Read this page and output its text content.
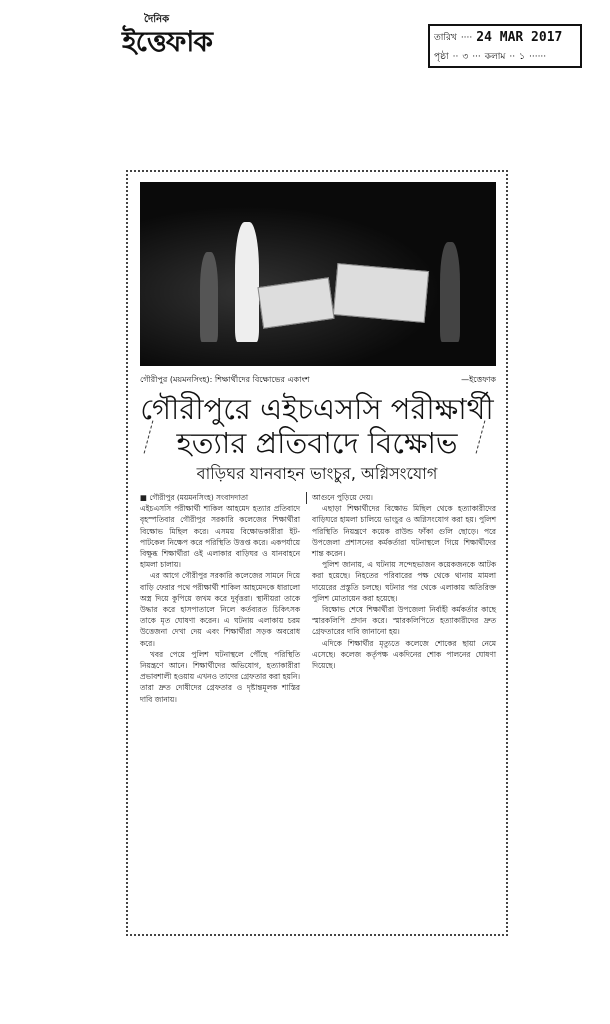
দৈনিক
ইত্তেফাক	তারিখ ···· 24 MAR 2017
পৃষ্ঠা ·· ৩ ··· কলাম ·· ১ ······
গৌরীপুর (ময়মনসিংহ): শিক্ষার্থীদের বিক্ষোভের একাংশ	—ইত্তেফাক
গৌরীপুরে এইচএসসি পরীক্ষার্থী
হত্যার প্রতিবাদে বিক্ষোভ
বাড়িঘর যানবাহন ভাংচুর, অগ্নিসংযোগ

■ গৌরীপুর (ময়মনসিংহ) সংবাদদাতা

এইচএসসি পরীক্ষার্থী শাকিল আহমেদ হত্যার প্রতিবাদে বৃহস্পতিবার গৌরীপুর সরকারি কলেজের শিক্ষার্থীরা বিক্ষোভ মিছিল করে। এসময় বিক্ষোভকারীরা ইট-পাটকেল নিক্ষেপ করে পরিস্থিতি উত্তপ্ত করে। একপর্যায়ে বিক্ষুব্ধ শিক্ষার্থীরা ওই এলাকার বাড়িঘর ও যানবাহনে হামলা চালায়।

এর আগে গৌরীপুর সরকারি কলেজের সামনে দিয়ে বাড়ি ফেরার পথে পরীক্ষার্থী শাকিল আহমেদকে ধারালো অস্ত্র দিয়ে কুপিয়ে জখম করে দুর্বৃত্তরা। স্থানীয়রা তাকে উদ্ধার করে হাসপাতালে নিলে কর্তব্যরত চিকিৎসক তাকে মৃত ঘোষণা করেন। এ ঘটনায় এলাকায় চরম উত্তেজনা দেখা দেয় এবং শিক্ষার্থীরা সড়ক অবরোধ করে।

খবর পেয়ে পুলিশ ঘটনাস্থলে পৌঁছে পরিস্থিতি নিয়ন্ত্রণে আনে। শিক্ষার্থীদের অভিযোগ, হত্যাকারীরা প্রভাবশালী হওয়ায় এখনও তাদের গ্রেফতার করা হয়নি। তারা দ্রুত দোষীদের গ্রেফতার ও দৃষ্টান্তমূলক শাস্তির দাবি জানায়।

আগুনে পুড়িয়ে দেয়।

এছাড়া শিক্ষার্থীদের বিক্ষোভ মিছিল থেকে হত্যাকারীদের বাড়িঘরে হামলা চালিয়ে ভাংচুর ও অগ্নিসংযোগ করা হয়। পুলিশ পরিস্থিতি নিয়ন্ত্রণে কয়েক রাউন্ড ফাঁকা গুলি ছোড়ে। পরে উপজেলা প্রশাসনের কর্মকর্তারা ঘটনাস্থলে গিয়ে শিক্ষার্থীদের শান্ত করেন।

পুলিশ জানায়, এ ঘটনায় সন্দেহভাজন কয়েকজনকে আটক করা হয়েছে। নিহতের পরিবারের পক্ষ থেকে থানায় মামলা দায়েরের প্রস্তুতি চলছে। ঘটনার পর থেকে এলাকায় অতিরিক্ত পুলিশ মোতায়েন করা হয়েছে।

বিক্ষোভ শেষে শিক্ষার্থীরা উপজেলা নির্বাহী কর্মকর্তার কাছে স্মারকলিপি প্রদান করে। স্মারকলিপিতে হত্যাকারীদের দ্রুত গ্রেফতারের দাবি জানানো হয়।

এদিকে শিক্ষার্থীর মৃত্যুতে কলেজে শোকের ছায়া নেমে এসেছে। কলেজ কর্তৃপক্ষ একদিনের শোক পালনের ঘোষণা দিয়েছে।
